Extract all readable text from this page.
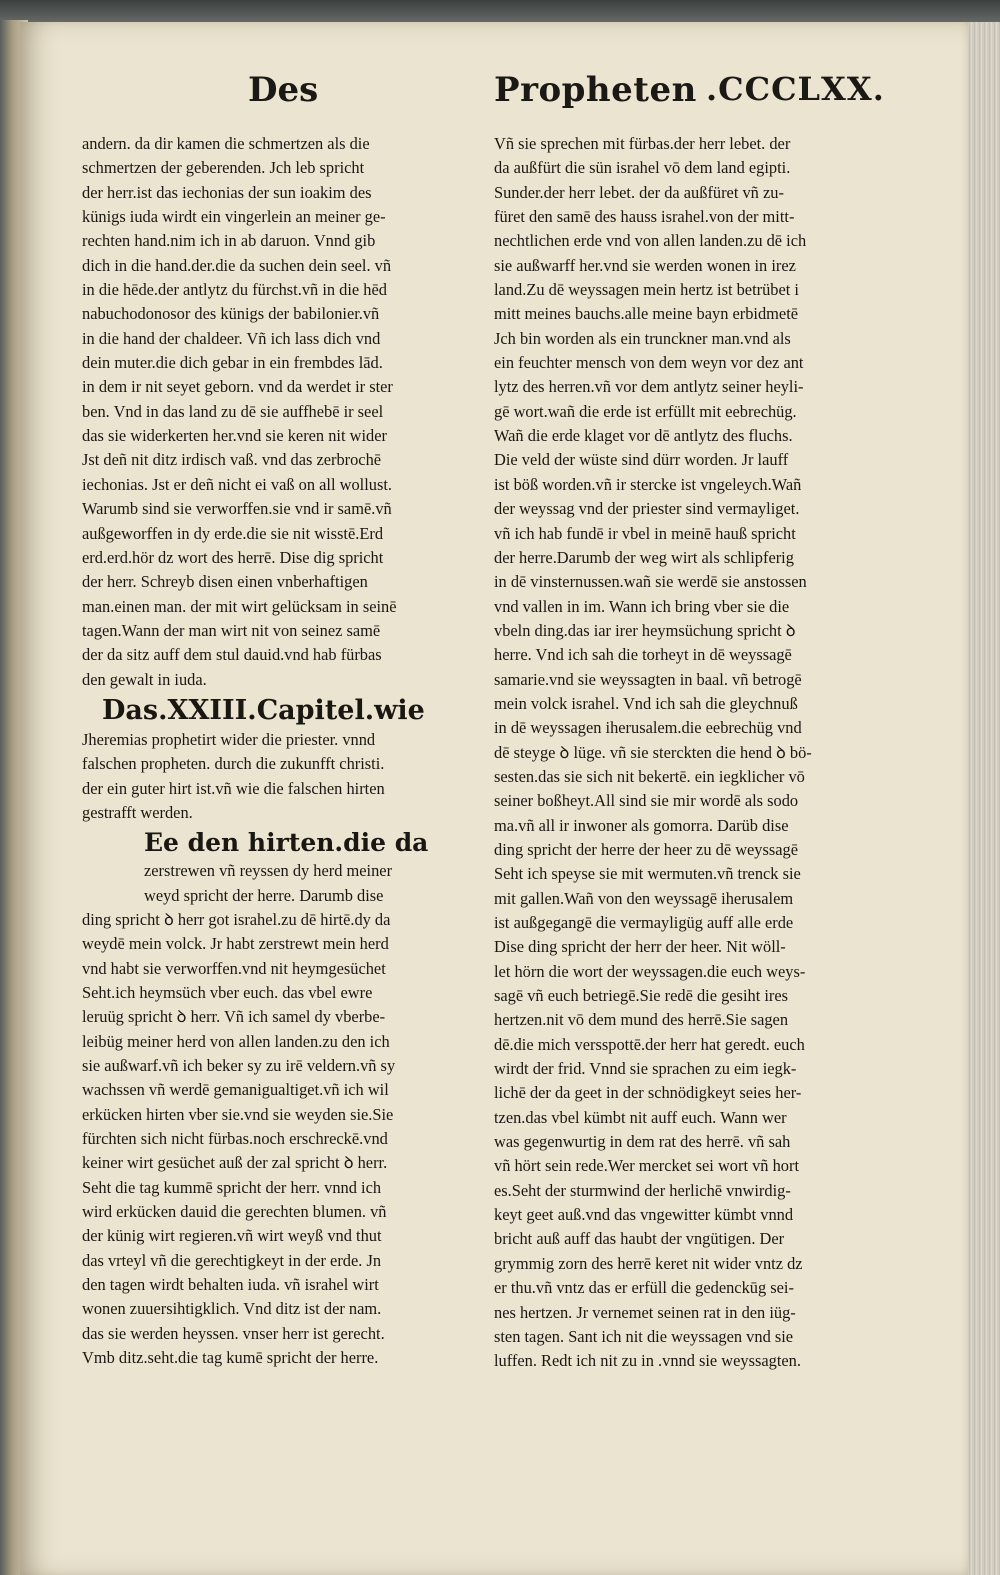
Des	Propheten .CCCLXX.
andern. da dir kamen die schmertzen als die
schmertzen der geberenden. Jch leb spricht
der herr.ist das iechonias der sun ioakim des
künigs iuda wirdt ein vingerlein an meiner ge-
rechten hand.nim ich in ab daruon. Vnnd gib
dich in die hand.der.die da suchen dein seel. vñ
in die hēde.der antlytz du fürchst.vñ in die hēd
nabuchodonosor des künigs der babilonier.vñ
in die hand der chaldeer. Vñ ich lass dich vnd
dein muter.die dich gebar in ein frembdes lād.
in dem ir nit seyet geborn. vnd da werdet ir ster
ben. Vnd in das land zu dē sie auffhebē ir seel
das sie widerkerten her.vnd sie keren nit wider
Jst deñ nit ditz irdisch vaß. vnd das zerbrochē
iechonias. Jst er deñ nicht ei vaß on all wollust.
Warumb sind sie verworffen.sie vnd ir samē.vñ
außgeworffen in dy erde.die sie nit wisstē.Erd
erd.erd.hör dz wort des herrē. Dise dig spricht
der herr. Schreyb disen einen vnberhaftigen
man.einen man. der mit wirt gelücksam in seinē
tagen.Wann der man wirt nit von seinez samē
der da sitz auff dem stul dauid.vnd hab fürbas
den gewalt in iuda.
Das.XXIII.Capitel.wie
Jheremias prophetirt wider die priester. vnnd
falschen propheten. durch die zukunfft christi.
der ein guter hirt ist.vñ wie die falschen hirten
gestrafft werden.
Ee den hirten.die da
zerstrewen vñ reyssen dy herd meiner
weyd spricht der herre. Darumb dise
ding spricht ꝺ herr got israhel.zu dē hirtē.dy da
weydē mein volck. Jr habt zerstrewt mein herd
vnd habt sie verworffen.vnd nit heymgesüchet
Seht.ich heymsüch vber euch. das vbel ewre
leruüg spricht ꝺ herr. Vñ ich samel dy vberbe-
leibüg meiner herd von allen landen.zu den ich
sie außwarf.vñ ich beker sy zu irē veldern.vñ sy
wachssen vñ werdē gemanigualtiget.vñ ich wil
erkücken hirten vber sie.vnd sie weyden sie.Sie
fürchten sich nicht fürbas.noch erschreckē.vnd
keiner wirt gesüchet auß der zal spricht ꝺ herr.
Seht die tag kummē spricht der herr. vnnd ich
wird erkücken dauid die gerechten blumen. vñ
der künig wirt regieren.vñ wirt weyß vnd thut
das vrteyl vñ die gerechtigkeyt in der erde. Jn
den tagen wirdt behalten iuda. vñ israhel wirt
wonen zuuersihtigklich. Vnd ditz ist der nam.
das sie werden heyssen. vnser herr ist gerecht.
Vmb ditz.seht.die tag kumē spricht der herre.
Vñ sie sprechen mit fürbas.der herr lebet. der
da außfürt die sün israhel vō dem land egipti.
Sunder.der herr lebet. der da außfüret vñ zu-
füret den samē des hauss israhel.von der mitt-
nechtlichen erde vnd von allen landen.zu dē ich
sie außwarff her.vnd sie werden wonen in irez
land.Zu dē weyssagen mein hertz ist betrübet i
mitt meines bauchs.alle meine bayn erbidmetē
Jch bin worden als ein trunckner man.vnd als
ein feuchter mensch von dem weyn vor dez ant
lytz des herren.vñ vor dem antlytz seiner heyli-
gē wort.wañ die erde ist erfüllt mit eebrechüg.
Wañ die erde klaget vor dē antlytz des fluchs.
Die veld der wüste sind dürr worden. Jr lauff
ist böß worden.vñ ir stercke ist vngeleych.Wañ
der weyssag vnd der priester sind vermayliget.
vñ ich hab fundē ir vbel in meinē hauß spricht
der herre.Darumb der weg wirt als schlipferig
in dē vinsternussen.wañ sie werdē sie anstossen
vnd vallen in im. Wann ich bring vber sie die
vbeln ding.das iar irer heymsüchung spricht ꝺ
herre. Vnd ich sah die torheyt in dē weyssagē
samarie.vnd sie weyssagten in baal. vñ betrogē
mein volck israhel. Vnd ich sah die gleychnuß
in dē weyssagen iherusalem.die eebrechüg vnd
dē steyge ꝺ lüge. vñ sie sterckten die hend ꝺ bö-
sesten.das sie sich nit bekertē. ein iegklicher vō
seiner boßheyt.All sind sie mir wordē als sodo
ma.vñ all ir inwoner als gomorra. Darüb dise
ding spricht der herre der heer zu dē weyssagē
Seht ich speyse sie mit wermuten.vñ trenck sie
mit gallen.Wañ von den weyssagē iherusalem
ist außgegangē die vermayligüg auff alle erde
Dise ding spricht der herr der heer. Nit wöll-
let hörn die wort der weyssagen.die euch weys-
sagē vñ euch betriegē.Sie redē die gesiht ires
hertzen.nit vō dem mund des herrē.Sie sagen
dē.die mich versspottē.der herr hat geredt. euch
wirdt der frid. Vnnd sie sprachen zu eim iegk-
lichē der da geet in der schnödigkeyt seies her-
tzen.das vbel kümbt nit auff euch. Wann wer
was gegenwurtig in dem rat des herrē. vñ sah
vñ hört sein rede.Wer mercket sei wort vñ hort
es.Seht der sturmwind der herlichē vnwirdig-
keyt geet auß.vnd das vngewitter kümbt vnnd
bricht auß auff das haubt der vngütigen. Der
grymmig zorn des herrē keret nit wider vntz dz
er thu.vñ vntz das er erfüll die gedenckūg sei-
nes hertzen. Jr vernemet seinen rat in den iüg-
sten tagen. Sant ich nit die weyssagen vnd sie
luffen. Redt ich nit zu in .vnnd sie weyssagten.
